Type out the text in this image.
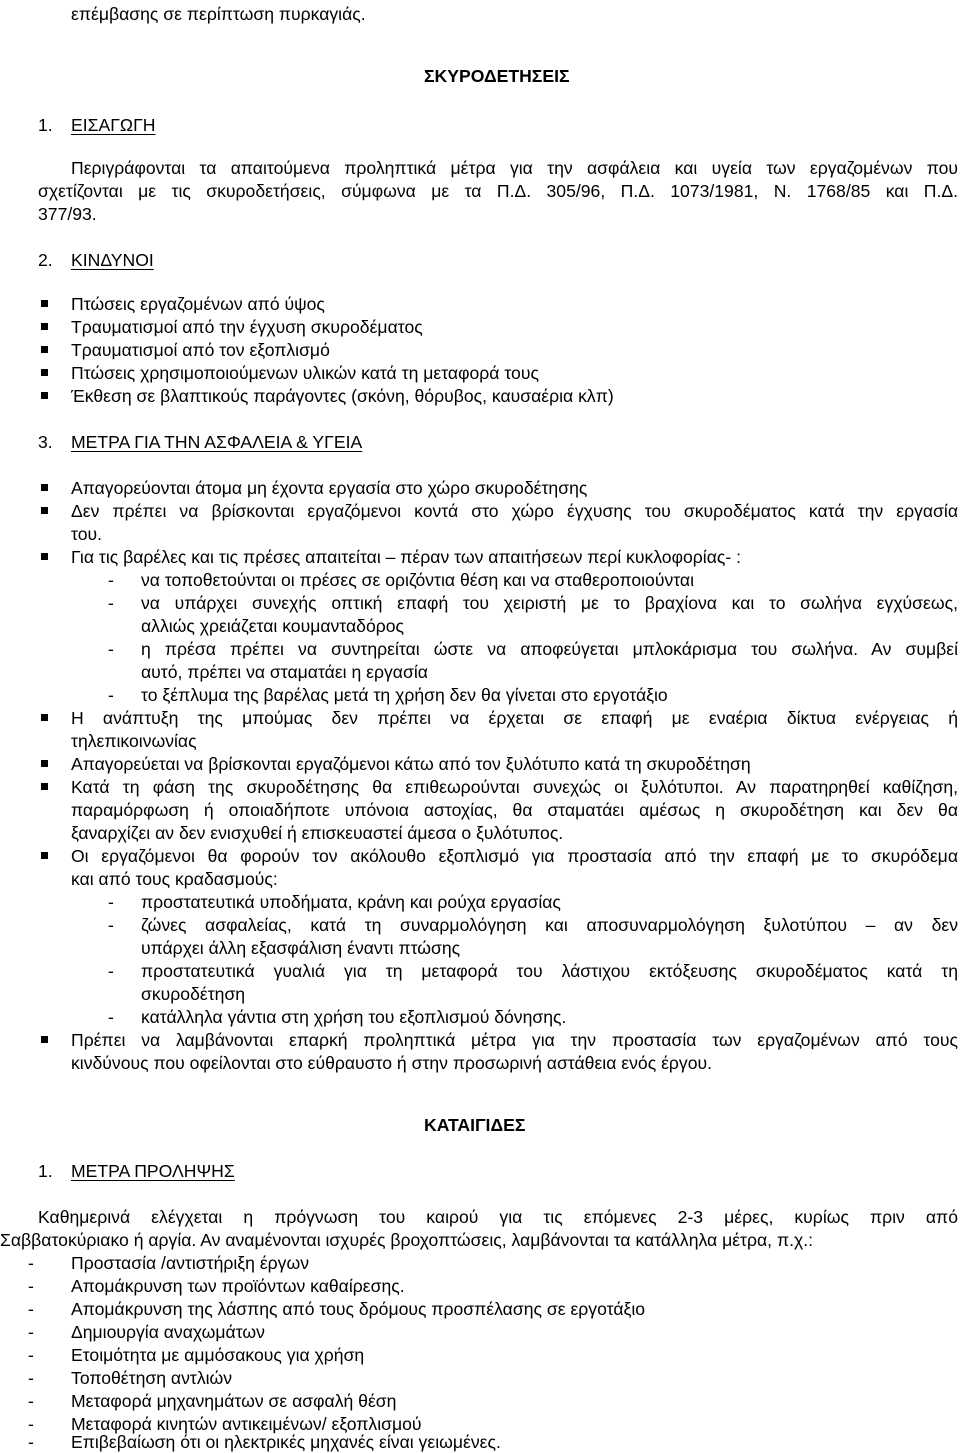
επέμβασης σε περίπτωση πυρκαγιάς.
ΣΚΥΡΟΔΕΤΗΣΕΙΣ
1. ΕΙΣΑΓΩΓΗ
Περιγράφονται τα απαιτούμενα προληπτικά μέτρα για την ασφάλεια και υγεία των εργαζομένων που
σχετίζονται με τις σκυροδετήσεις, σύμφωνα με τα Π.Δ. 305/96, Π.Δ. 1073/1981, Ν. 1768/85 και Π.Δ.
377/93.
2. ΚΙΝΔΥΝΟΙ
Πτώσεις εργαζομένων από ύψος
Τραυματισμοί από την έγχυση σκυροδέματος
Τραυματισμοί από τον εξοπλισμό
Πτώσεις χρησιμοποιούμενων υλικών κατά τη μεταφορά τους
Έκθεση σε βλαπτικούς παράγοντες (σκόνη, θόρυβος, καυσαέρια κλπ)
3. ΜΕΤΡΑ ΓΙΑ ΤΗΝ ΑΣΦΑΛΕΙΑ & ΥΓΕΙΑ
Απαγορεύονται άτομα μη έχοντα εργασία στο χώρο σκυροδέτησης
Δεν πρέπει να βρίσκονται εργαζόμενοι κοντά στο χώρο έγχυσης του σκυροδέματος κατά την εργασία
του.
Για τις βαρέλες και τις πρέσες απαιτείται – πέραν των απαιτήσεων περί κυκλοφορίας- :
- να τοποθετούνται οι πρέσες σε οριζόντια θέση και να σταθεροποιούνται
- να υπάρχει συνεχής οπτική επαφή του χειριστή με το βραχίονα και το σωλήνα εγχύσεως,
αλλιώς χρειάζεται κουμανταδόρος
- η πρέσα πρέπει να συντηρείται ώστε να αποφεύγεται μπλοκάρισμα του σωλήνα. Αν συμβεί
αυτό, πρέπει να σταματάει η εργασία
- το ξέπλυμα της βαρέλας μετά τη χρήση δεν θα γίνεται στο εργοτάξιο
Η ανάπτυξη της μπούμας δεν πρέπει να έρχεται σε επαφή με εναέρια δίκτυα ενέργειας ή
τηλεπικοινωνίας
Απαγορεύεται να βρίσκονται εργαζόμενοι κάτω από τον ξυλότυπο κατά τη σκυροδέτηση
Κατά τη φάση της σκυροδέτησης θα επιθεωρούνται συνεχώς οι ξυλότυποι. Αν παρατηρηθεί καθίζηση,
παραμόρφωση ή οποιαδήποτε υπόνοια αστοχίας, θα σταματάει αμέσως η σκυροδέτηση και δεν θα
ξαναρχίζει αν δεν ενισχυθεί ή επισκευαστεί άμεσα ο ξυλότυπος.
Οι εργαζόμενοι θα φορούν τον ακόλουθο εξοπλισμό για προστασία από την επαφή με το σκυρόδεμα
και από τους κραδασμούς:
- προστατευτικά υποδήματα, κράνη και ρούχα εργασίας
- ζώνες ασφαλείας, κατά τη συναρμολόγηση και αποσυναρμολόγηση ξυλοτύπου – αν δεν
υπάρχει άλλη εξασφάλιση έναντι πτώσης
- προστατευτικά γυαλιά για τη μεταφορά του λάστιχου εκτόξευσης σκυροδέματος κατά τη
σκυροδέτηση
- κατάλληλα γάντια στη χρήση του εξοπλισμού δόνησης.
Πρέπει να λαμβάνονται επαρκή προληπτικά μέτρα για την προστασία των εργαζομένων από τους
κινδύνους που οφείλονται στο εύθραυστο ή στην προσωρινή αστάθεια ενός έργου.
ΚΑΤΑΙΓΙΔΕΣ
1. ΜΕΤΡΑ ΠΡΟΛΗΨΗΣ
Καθημερινά ελέγχεται η πρόγνωση του καιρού για τις επόμενες 2-3 μέρες, κυρίως πριν από
Σαββατοκύριακο ή αργία. Αν αναμένονται ισχυρές βροχοπτώσεις, λαμβάνονται τα κατάλληλα μέτρα, π.χ.:
- Προστασία /αντιστήριξη έργων
- Απομάκρυνση των προϊόντων καθαίρεσης.
- Απομάκρυνση της λάσπης από τους δρόμους προσπέλασης σε εργοτάξιο
- Δημιουργία αναχωμάτων
- Ετοιμότητα με αμμόσακους για χρήση
- Τοποθέτηση αντλιών
- Μεταφορά μηχανημάτων σε ασφαλή θέση
- Μεταφορά κινητών αντικειμένων/ εξοπλισμού
- Επιβεβαίωση ότι οι ηλεκτρικές μηχανές είναι γειωμένες.
